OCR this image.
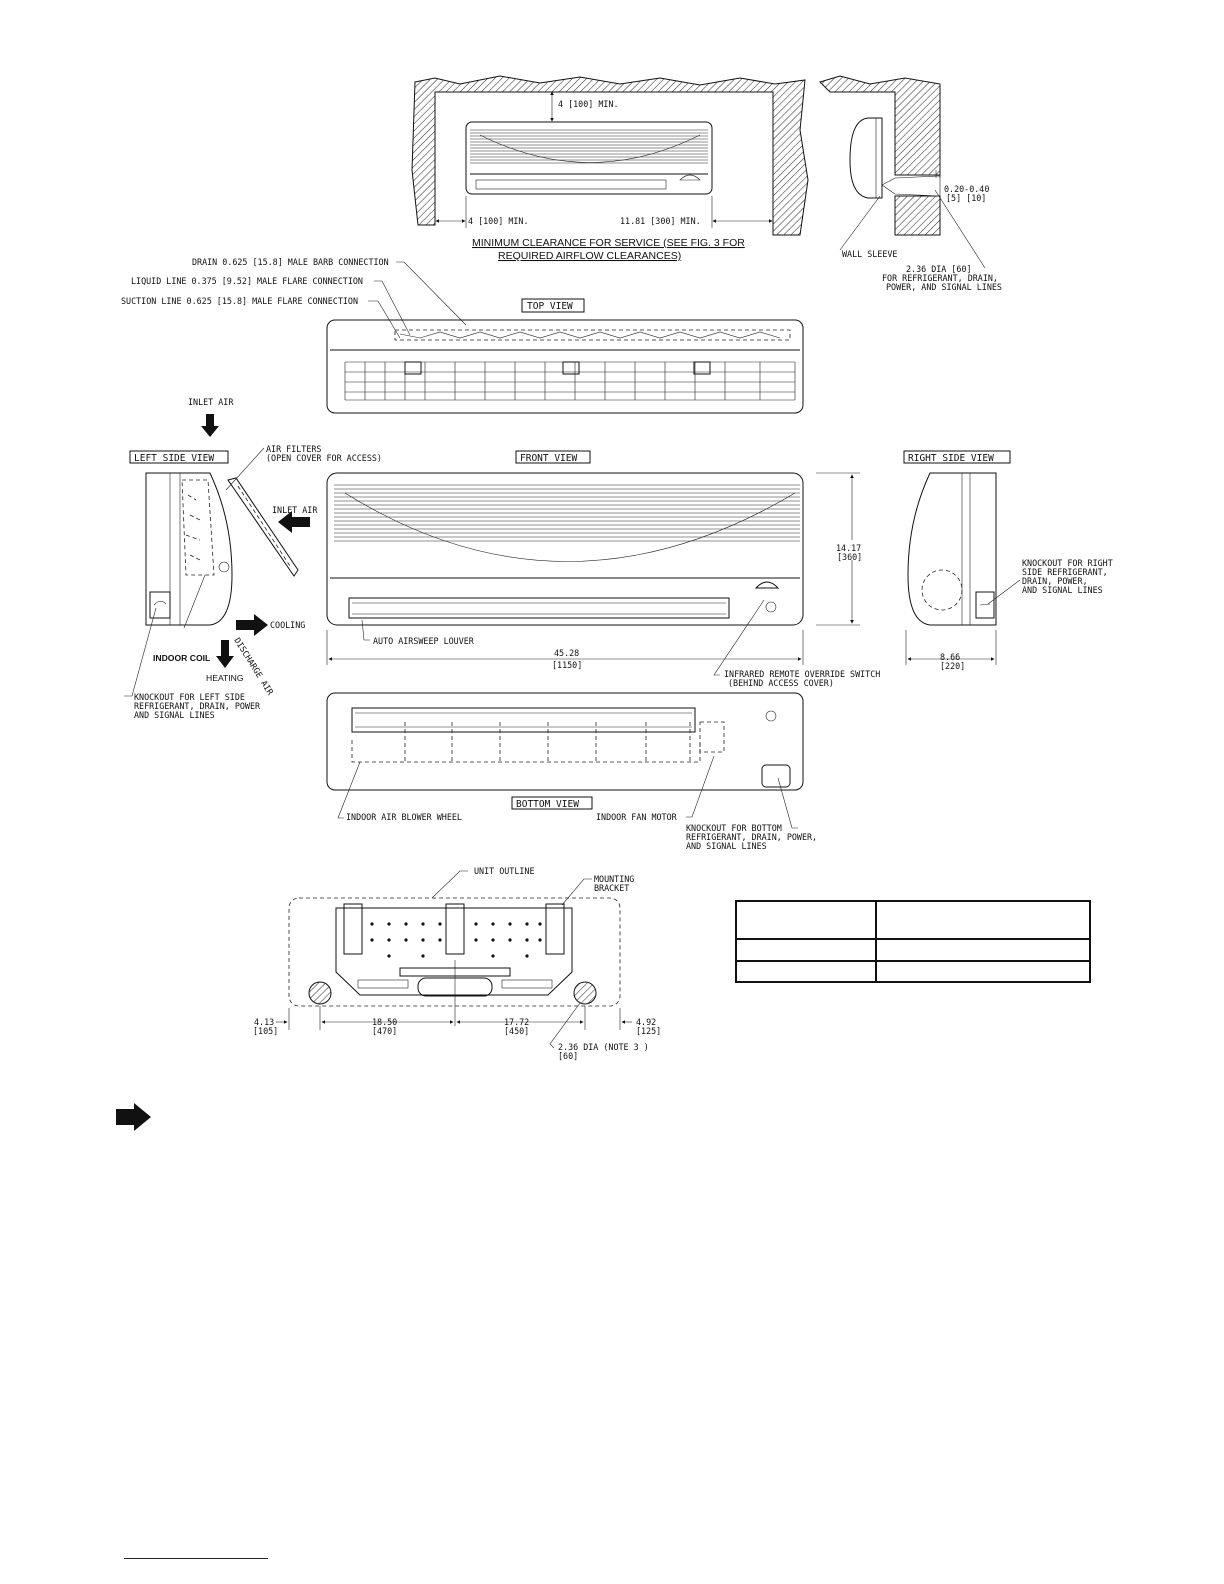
4 [100] MIN.
4 [100] MIN.	11.81 [300] MIN.
MINIMUM CLEARANCE FOR SERVICE (SEE FIG. 3 FOR
REQUIRED AIRFLOW CLEARANCES)
0.20-0.40
[5] [10]
WALL SLEEVE
2.36 DIA [60]
FOR REFRIGERANT, DRAIN,
POWER, AND SIGNAL LINES
DRAIN 0.625 [15.8] MALE BARB CONNECTION
LIQUID LINE 0.375 [9.52] MALE FLARE CONNECTION
SUCTION LINE 0.625 [15.8] MALE FLARE CONNECTION	TOP VIEW
INLET AIR
LEFT SIDE VIEW
AIR FILTERS
(OPEN COVER FOR ACCESS)
INLET AIR
COOLING
HEATING
DISCHARGE AIR
INDOOR COIL
KNOCKOUT FOR LEFT SIDE
REFRIGERANT, DRAIN, POWER
AND SIGNAL LINES
FRONT VIEW
AUTO AIRSWEEP LOUVER
14.17
[360]
45.28
[1150]
INFRARED REMOTE OVERRIDE SWITCH
(BEHIND ACCESS COVER)
RIGHT SIDE VIEW
KNOCKOUT FOR RIGHT
SIDE REFRIGERANT,
DRAIN, POWER,
AND SIGNAL LINES
8.66
[220]
BOTTOM VIEW
INDOOR AIR BLOWER WHEEL	INDOOR FAN MOTOR
KNOCKOUT FOR BOTTOM
REFRIGERANT, DRAIN, POWER,
AND SIGNAL LINES
UNIT OUTLINE
MOUNTING
BRACKET
4.13
[105]
18.50
[470]
17.72
[450]
4.92
[125]
2.36 DIA (NOTE 3 )
[60]
